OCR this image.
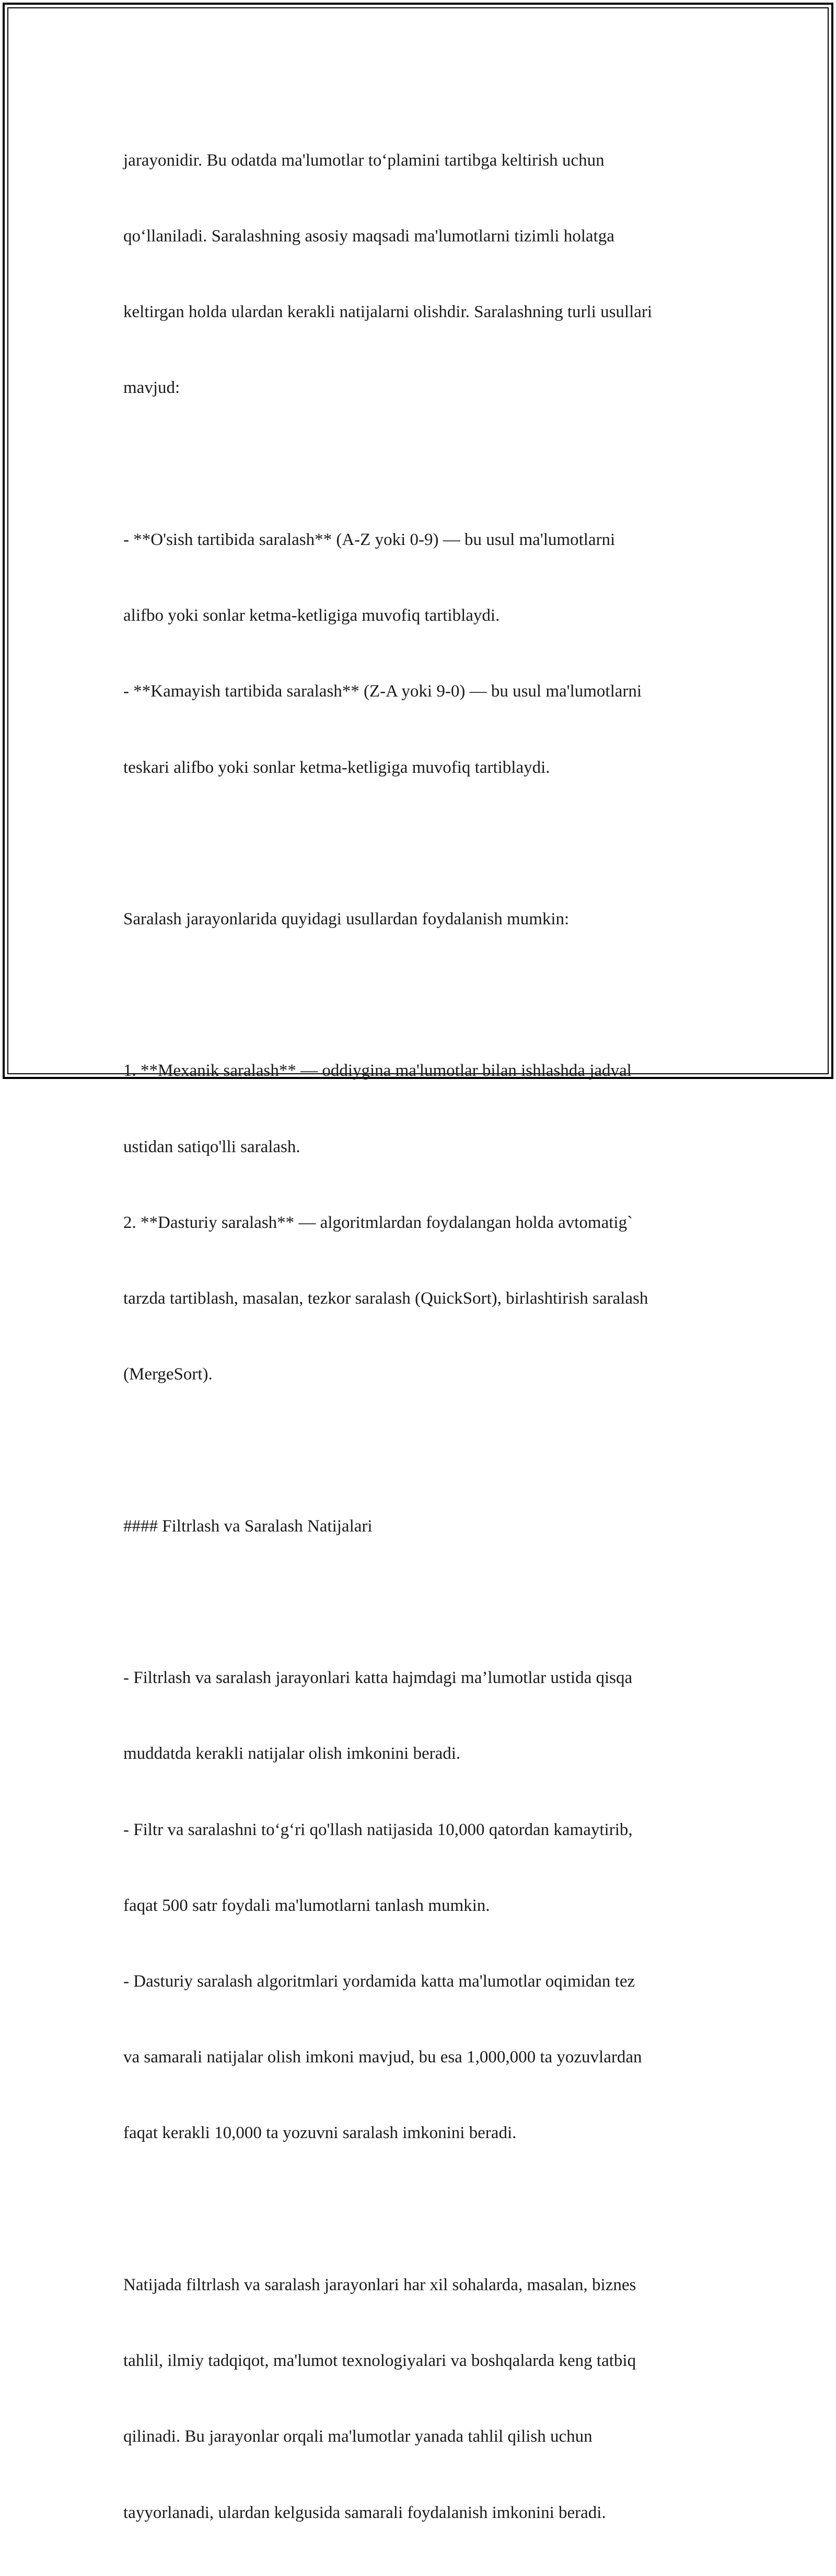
jarayonidir. Bu odatda ma'lumotlar to‘plamini tartibga keltirish uchun

qo‘llaniladi. Saralashning asosiy maqsadi ma'lumotlarni tizimli holatga

keltirgan holda ulardan kerakli natijalarni olishdir. Saralashning turli usullari

mavjud:

- **O'sish tartibida saralash** (A-Z yoki 0-9) — bu usul ma'lumotlarni

alifbo yoki sonlar ketma-ketligiga muvofiq tartiblaydi.

- **Kamayish tartibida saralash** (Z-A yoki 9-0) — bu usul ma'lumotlarni

teskari alifbo yoki sonlar ketma-ketligiga muvofiq tartiblaydi.

Saralash jarayonlarida quyidagi usullardan foydalanish mumkin:

1. **Mexanik saralash** — oddiygina ma'lumotlar bilan ishlashda jadval

ustidan satiqo'lli saralash.

2. **Dasturiy saralash** — algoritmlardan foydalangan holda avtomatig`

tarzda tartiblash, masalan, tezkor saralash (QuickSort), birlashtirish saralash

(MergeSort).

#### Filtrlash va Saralash Natijalari

- Filtrlash va saralash jarayonlari katta hajmdagi ma’lumotlar ustida qisqa

muddatda kerakli natijalar olish imkonini beradi.

- Filtr va saralashni to‘g‘ri qo'llash natijasida 10,000 qatordan kamaytirib,

faqat 500 satr foydali ma'lumotlarni tanlash mumkin.

- Dasturiy saralash algoritmlari yordamida katta ma'lumotlar oqimidan tez

va samarali natijalar olish imkoni mavjud, bu esa 1,000,000 ta yozuvlardan

faqat kerakli 10,000 ta yozuvni saralash imkonini beradi.

Natijada filtrlash va saralash jarayonlari har xil sohalarda, masalan, biznes

tahlil, ilmiy tadqiqot, ma'lumot texnologiyalari va boshqalarda keng tatbiq

qilinadi. Bu jarayonlar orqali ma'lumotlar yanada tahlil qilish uchun

tayyorlanadi, ulardan kelgusida samarali foydalanish imkonini beradi.
